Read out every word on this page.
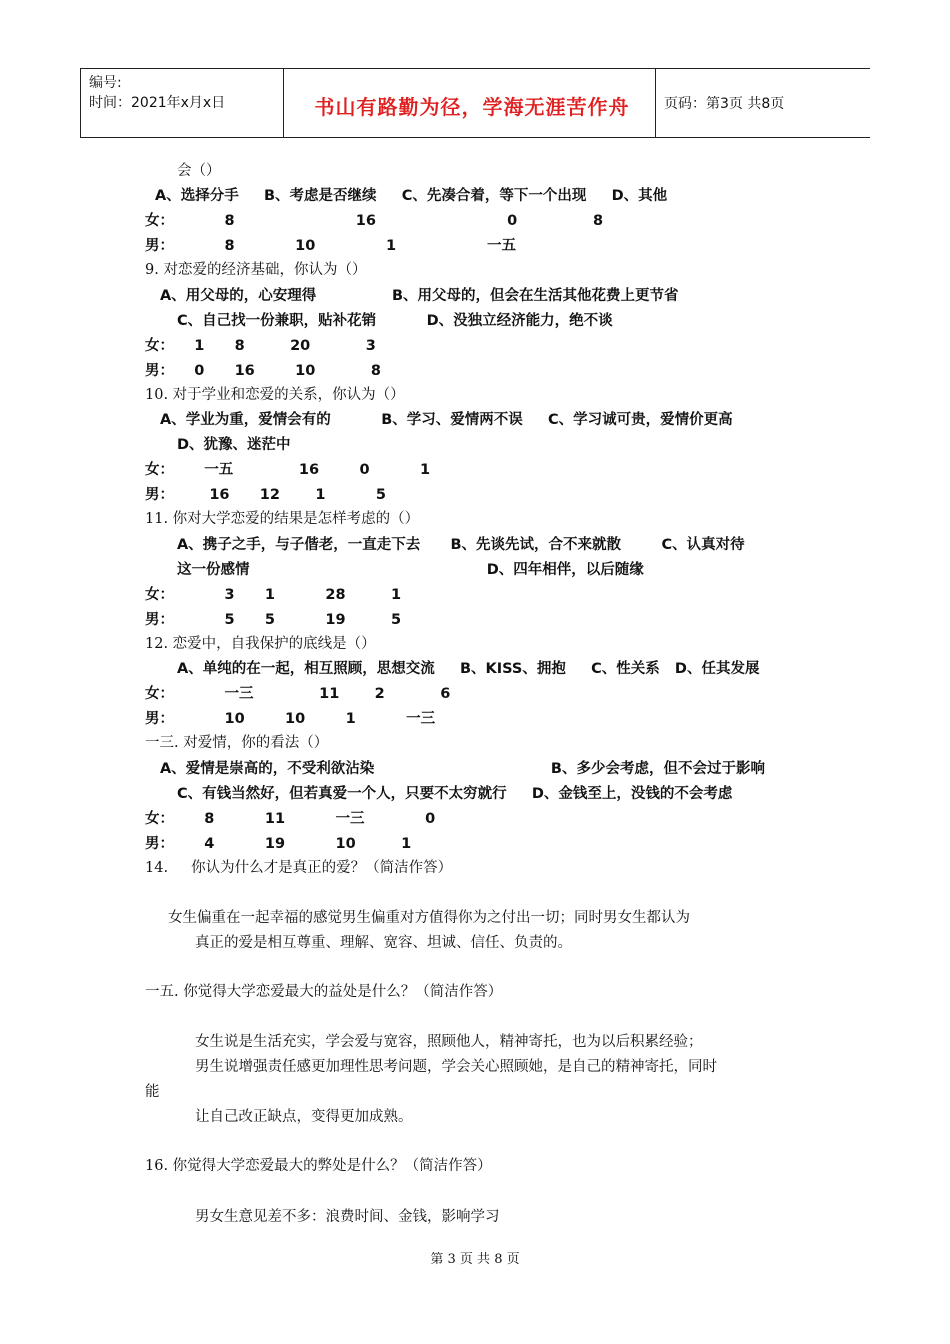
编号:
时间：2021年x月x日	书山有路勤为径，学海无涯苦作舟	页码：第3页 共8页
会（）
A、选择分手     B、考虑是否继续     C、先凑合着，等下一个出现     D、其他
女：          8                        16                          0               8
男：          8            10              1                  一五
9. 对恋爱的经济基础，你认为（）
A、用父母的，心安理得               B、用父母的，但会在生活其他花费上更节省
C、自己找一份兼职，贴补花销          D、没独立经济能力，绝不谈
女：    1      8         20           3
男：    0      16        10           8
10. 对于学业和恋爱的关系，你认为（）
A、学业为重，爱情会有的          B、学习、爱情两不误     C、学习诚可贵，爱情价更高
D、犹豫、迷茫中
女：      一五             16        0          1
男：       16      12       1          5
11. 你对大学恋爱的结果是怎样考虑的（）
A、携子之手，与子偕老，一直走下去      B、先谈先试，合不来就散        C、认真对待
这一份感情                                               D、四年相伴，以后随缘
女：          3      1          28         1
男：          5      5          19         5
12. 恋爱中，自我保护的底线是（）
A、单纯的在一起，相互照顾，思想交流     B、KISS、拥抱     C、性关系   D、任其发展
女：          一三             11       2           6
男：          10        10        1          一三
一三. 对爱情，你的看法（）
A、爱情是崇高的，不受利欲沾染                                   B、多少会考虑，但不会过于影响
C、有钱当然好，但若真爱一个人，只要不太穷就行     D、金钱至上，没钱的不会考虑
女：      8          11          一三            0
男：      4          19          10         1
14.     你认为什么才是真正的爱？（简洁作答）
女生偏重在一起幸福的感觉男生偏重对方值得你为之付出一切；同时男女生都认为
真正的爱是相互尊重、理解、宽容、坦诚、信任、负责的。
一五. 你觉得大学恋爱最大的益处是什么？（简洁作答）
女生说是生活充实，学会爱与宽容，照顾他人，精神寄托，也为以后积累经验；
男生说增强责任感更加理性思考问题，学会关心照顾她，是自己的精神寄托，同时
能
让自己改正缺点，变得更加成熟。
16. 你觉得大学恋爱最大的弊处是什么？（简洁作答）
男女生意见差不多：浪费时间、金钱，影响学习
第 3 页 共 8 页
